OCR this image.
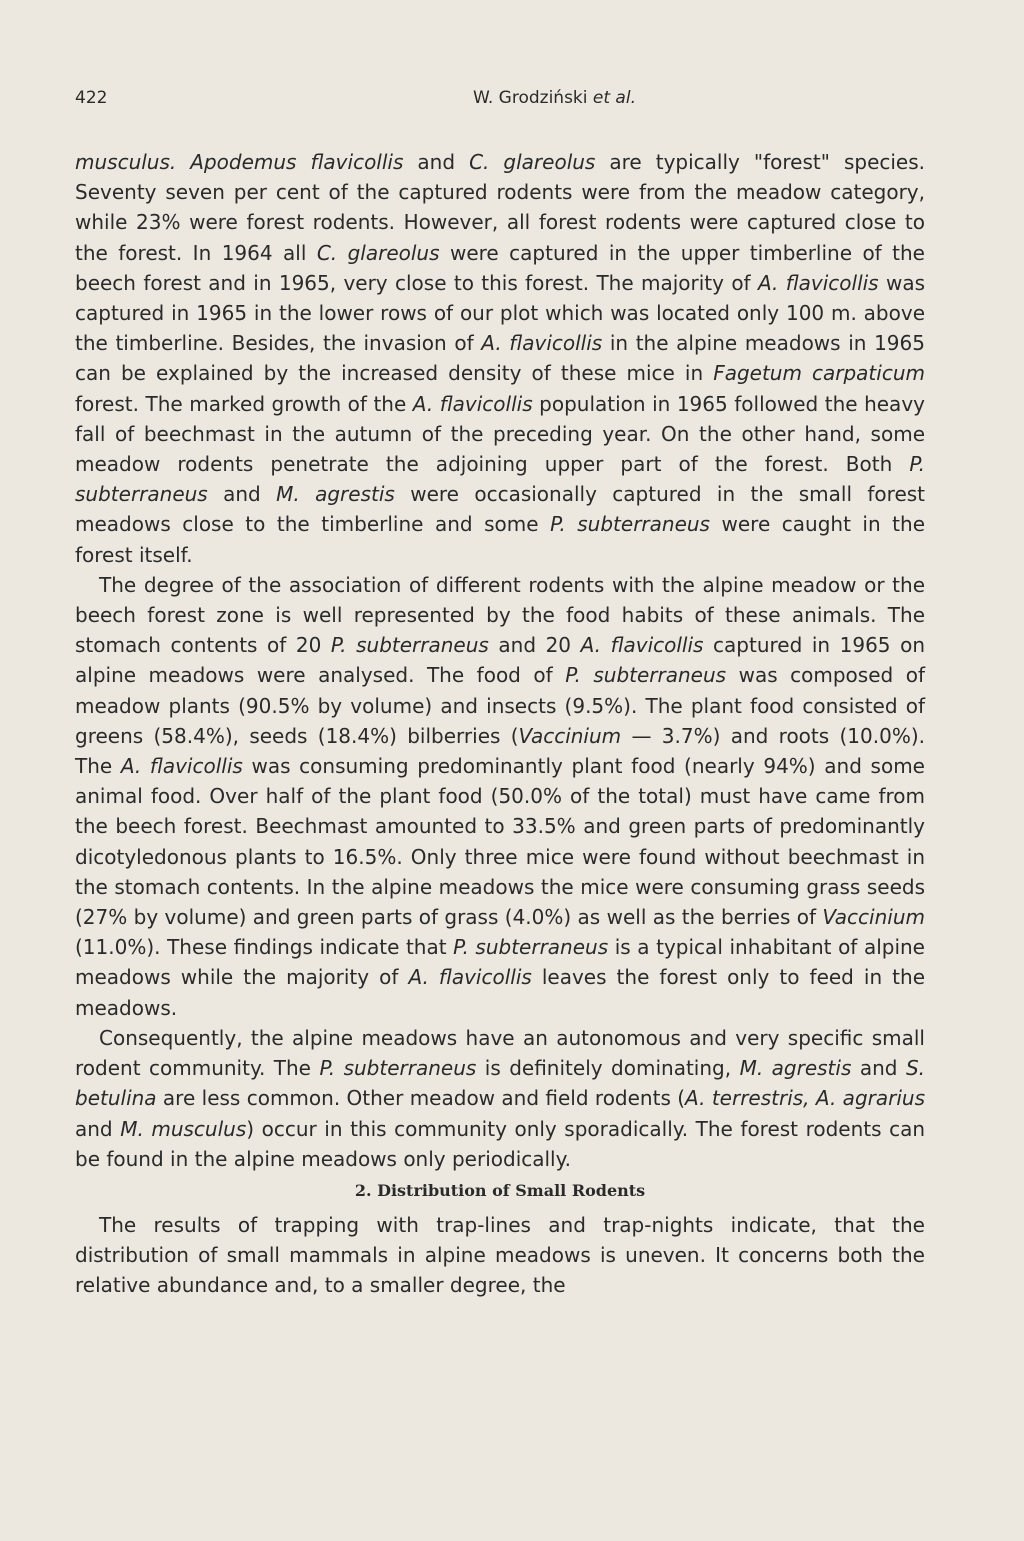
422	W. Grodziński et al.

musculus. Apodemus flavicollis and C. glareolus are typically "forest" species. Seventy seven per cent of the captured rodents were from the meadow category, while 23% were forest rodents. However, all forest rodents were captured close to the forest. In 1964 all C. glareolus were captured in the upper timberline of the beech forest and in 1965, very close to this forest. The majority of A. flavicollis was captured in 1965 in the lower rows of our plot which was located only 100 m. above the timberline. Besides, the invasion of A. flavicollis in the alpine meadows in 1965 can be explained by the increased density of these mice in Fagetum carpaticum forest. The marked growth of the A. flavicollis population in 1965 followed the heavy fall of beechmast in the autumn of the preceding year. On the other hand, some meadow rodents penetrate the adjoining upper part of the forest. Both P. subterraneus and M. agrestis were occasionally captured in the small forest meadows close to the timberline and some P. subterraneus were caught in the forest itself.

The degree of the association of different rodents with the alpine meadow or the beech forest zone is well represented by the food habits of these animals. The stomach contents of 20 P. subterraneus and 20 A. flavicollis captured in 1965 on alpine meadows were analysed. The food of P. subterraneus was composed of meadow plants (90.5% by volume) and insects (9.5%). The plant food consisted of greens (58.4%), seeds (18.4%) bilberries (Vaccinium — 3.7%) and roots (10.0%). The A. flavicollis was consuming predominantly plant food (nearly 94%) and some animal food. Over half of the plant food (50.0% of the total) must have came from the beech forest. Beechmast amounted to 33.5% and green parts of predominantly dicotyledonous plants to 16.5%. Only three mice were found without beechmast in the stomach contents. In the alpine meadows the mice were consuming grass seeds (27% by volume) and green parts of grass (4.0%) as well as the berries of Vaccinium (11.0%). These findings indicate that P. subterraneus is a typical inhabitant of alpine meadows while the majority of A. flavicollis leaves the forest only to feed in the meadows.

Consequently, the alpine meadows have an autonomous and very specific small rodent community. The P. subterraneus is definitely dominating, M. agrestis and S. betulina are less common. Other meadow and field rodents (A. terrestris, A. agrarius and M. musculus) occur in this community only sporadically. The forest rodents can be found in the alpine meadows only periodically.

2. Distribution of Small Rodents

The results of trapping with trap-lines and trap-nights indicate, that the distribution of small mammals in alpine meadows is uneven. It concerns both the relative abundance and, to a smaller degree, the
